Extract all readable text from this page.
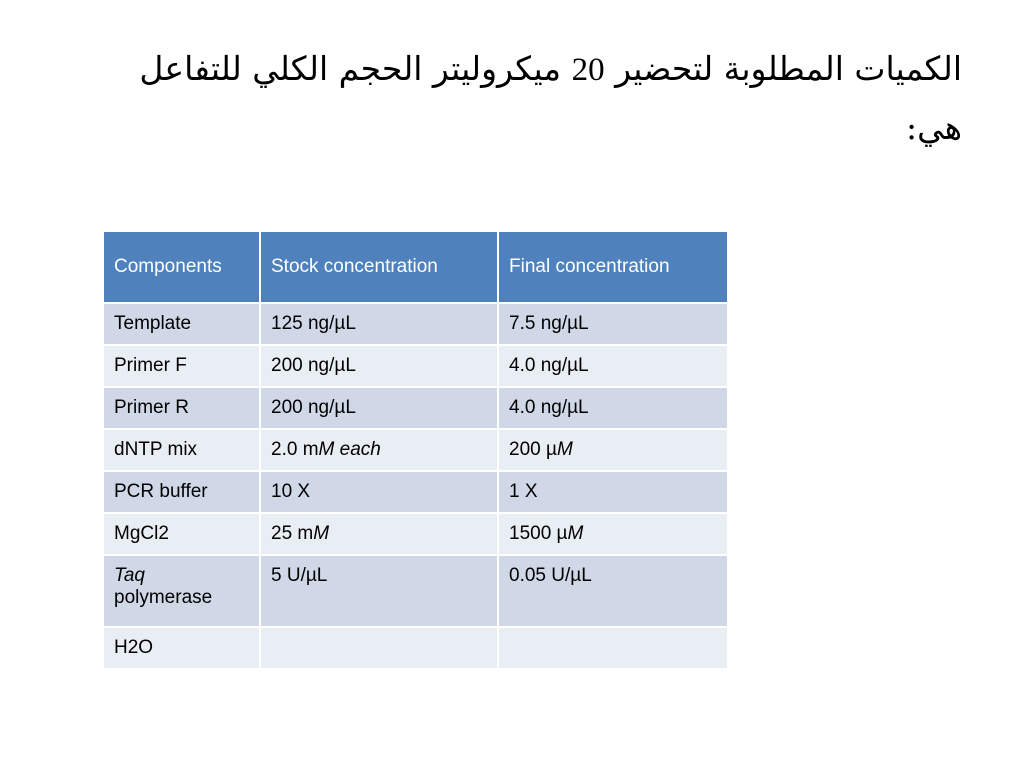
الكميات المطلوبة لتحضير 20 ميكروليتر الحجم الكلي للتفاعل
هي:
Components	Stock concentration	Final concentration
Template	125 ng/µL	7.5 ng/µL
Primer F	200 ng/µL	4.0 ng/µL
Primer R	200 ng/µL	4.0 ng/µL
dNTP mix	2.0 mM each	200 µM
PCR buffer	10 X	1 X
MgCl2	25 mM	1500 µM
Taq
polymerase	5 U/µL	0.05 U/µL
H2O		
